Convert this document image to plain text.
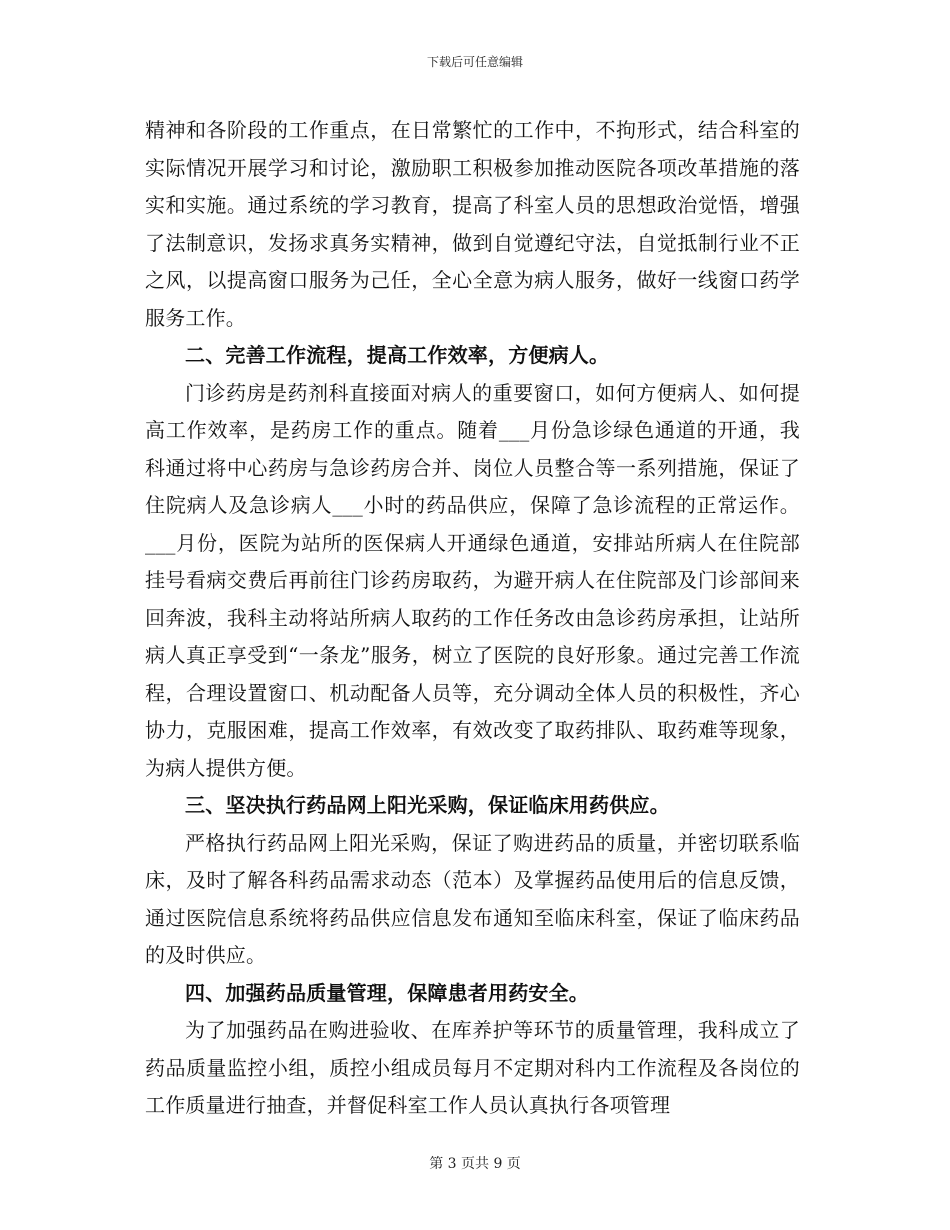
下载后可任意编辑

精神和各阶段的工作重点，在日常繁忙的工作中，不拘形式，结合科室的实际情况开展学习和讨论，激励职工积极参加推动医院各项改革措施的落实和实施。通过系统的学习教育，提高了科室人员的思想政治觉悟，增强了法制意识，发扬求真务实精神，做到自觉遵纪守法，自觉抵制行业不正之风，以提高窗口服务为己任，全心全意为病人服务，做好一线窗口药学服务工作。

二、完善工作流程，提高工作效率，方便病人。

门诊药房是药剂科直接面对病人的重要窗口，如何方便病人、如何提高工作效率，是药房工作的重点。随着___月份急诊绿色通道的开通，我科通过将中心药房与急诊药房合并、岗位人员整合等一系列措施，保证了住院病人及急诊病人___小时的药品供应，保障了急诊流程的正常运作。___月份，医院为站所的医保病人开通绿色通道，安排站所病人在住院部挂号看病交费后再前往门诊药房取药，为避开病人在住院部及门诊部间来回奔波，我科主动将站所病人取药的工作任务改由急诊药房承担，让站所病人真正享受到“一条龙”服务，树立了医院的良好形象。通过完善工作流程，合理设置窗口、机动配备人员等，充分调动全体人员的积极性，齐心协力，克服困难，提高工作效率，有效改变了取药排队、取药难等现象，为病人提供方便。

三、坚决执行药品网上阳光采购，保证临床用药供应。

严格执行药品网上阳光采购，保证了购进药品的质量，并密切联系临床，及时了解各科药品需求动态（范本）及掌握药品使用后的信息反馈，通过医院信息系统将药品供应信息发布通知至临床科室，保证了临床药品的及时供应。

四、加强药品质量管理，保障患者用药安全。

为了加强药品在购进验收、在库养护等环节的质量管理，我科成立了药品质量监控小组，质控小组成员每月不定期对科内工作流程及各岗位的工作质量进行抽查，并督促科室工作人员认真执行各项管理

第 3 页共 9 页
